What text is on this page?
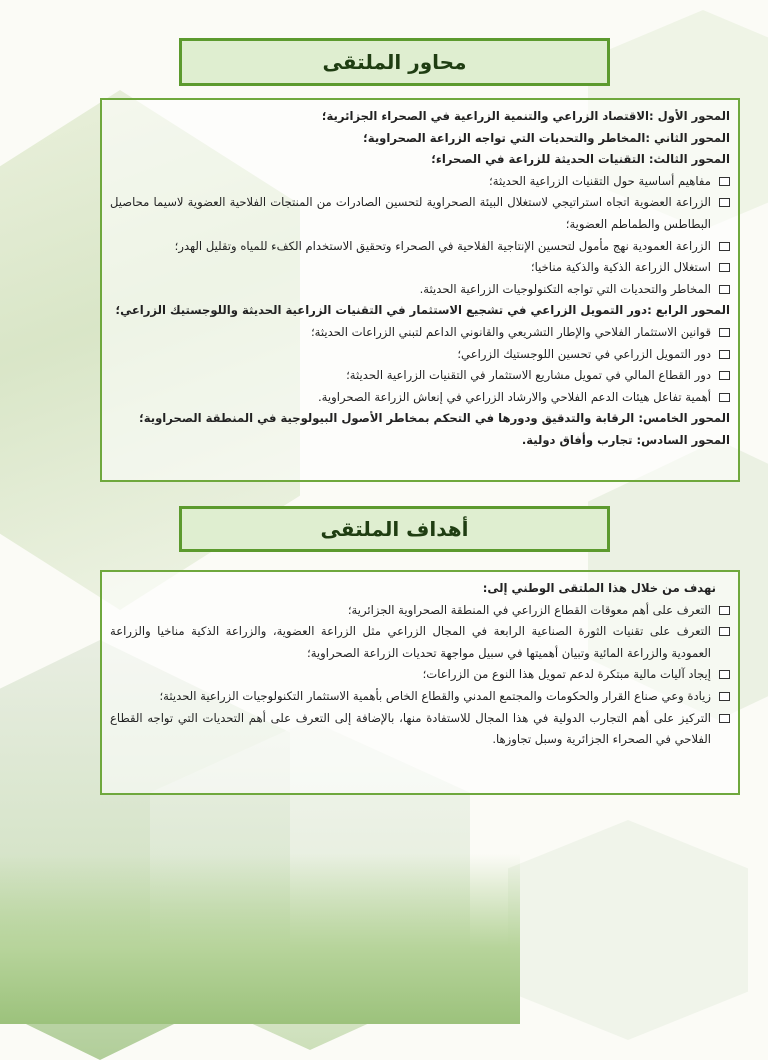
محاور الملتقى
المحور الأول :الاقتصاد الزراعي والتنمية الزراعية في الصحراء الجزائرية؛
المحور الثاني :المخاطر والتحديات التي تواجه الزراعة الصحراوية؛
المحور الثالث: التقنيات الحديثة للزراعة في الصحراء؛
مفاهيم أساسية حول التقنيات الزراعية الحديثة؛
الزراعة العضوية اتجاه استراتيجي لاستغلال البيئة الصحراوية لتحسين الصادرات من المنتجات الفلاحية العضوية لاسيما محاصيل البطاطس والطماطم العضوية؛
الزراعة العمودية نهج مأمول لتحسين الإنتاجية الفلاحية في الصحراء وتحقيق الاستخدام الكفء للمياه وتقليل الهدر؛
استغلال الزراعة الذكية والذكية مناخيا؛
المخاطر والتحديات التي تواجه التكنولوجيات الزراعية الحديثة.
المحور الرابع :دور التمويل الزراعي في تشجيع الاستثمار في التقنيات الزراعية الحديثة واللوجستيك الزراعي؛
قوانين الاستثمار الفلاحي والإطار التشريعي والقانوني الداعم لتبني الزراعات الحديثة؛
دور التمويل الزراعي في تحسين اللوجستيك الزراعي؛
دور القطاع المالي في تمويل مشاريع الاستثمار في التقنيات الزراعية الحديثة؛
أهمية تفاعل هيئات الدعم الفلاحي والارشاد الزراعي في إنعاش الزراعة الصحراوية.
المحور الخامس: الرقابة والتدقيق ودورها في التحكم بمخاطر الأصول البيولوجية في المنطقة الصحراوية؛
المحور السادس: تجارب وأفاق دولية.
أهداف الملتقى
نهدف من خلال هذا الملتقى الوطني إلى:
التعرف على أهم معوقات القطاع الزراعي في المنطقة الصحراوية الجزائرية؛
التعرف على تقنيات الثورة الصناعية الرابعة في المجال الزراعي مثل الزراعة العضوية، والزراعة الذكية مناخيا والزراعة العمودية والزراعة المائية وتبيان أهميتها في سبيل مواجهة تحديات الزراعة الصحراوية؛
إيجاد آليات مالية مبتكرة لدعم تمويل هذا النوع من الزراعات؛
زيادة وعي صناع القرار والحكومات والمجتمع المدني والقطاع الخاص بأهمية الاستثمار التكنولوجيات الزراعية الحديثة؛
التركيز على أهم التجارب الدولية في هذا المجال للاستفادة منها، بالإضافة إلى التعرف على أهم التحديات التي تواجه القطاع الفلاحي في الصحراء الجزائرية وسبل تجاوزها.
